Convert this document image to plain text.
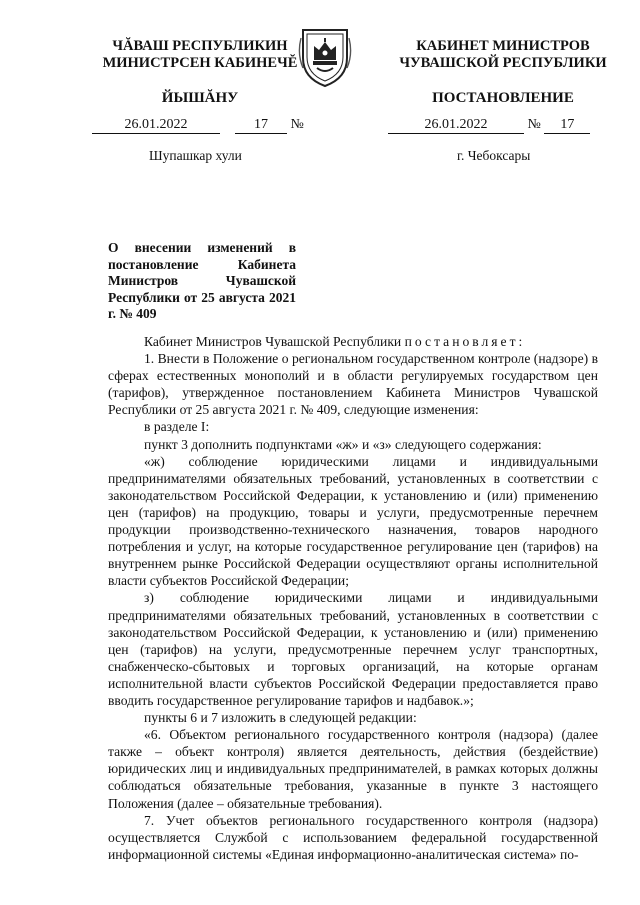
ЧĂВАШ РЕСПУБЛИКИН
МИНИСТРСЕН КАБИНЕЧĔ
ЙЫШĂНУ
КАБИНЕТ МИНИСТРОВ
ЧУВАШСКОЙ РЕСПУБЛИКИ
ПОСТАНОВЛЕНИЕ
26.01.2022	17 №	26.01.2022	№ 17
Шупашкар хули	г. Чебоксары
О внесении изменений в постановление Кабинета Министров Чувашской Республики от 25 августа 2021 г. № 409

Кабинет Министров Чувашской Республики постановляет:

1. Внести в Положение о региональном государственном контроле (надзоре) в сферах естественных монополий и в области регулируемых государством цен (тарифов), утвержденное постановлением Кабинета Министров Чувашской Республики от 25 августа 2021 г. № 409, следующие изменения:

в разделе I:

пункт 3 дополнить подпунктами «ж» и «з» следующего содержания:

«ж) соблюдение юридическими лицами и индивидуальными предпринимателями обязательных требований, установленных в соответствии с законодательством Российской Федерации, к установлению и (или) применению цен (тарифов) на продукцию, товары и услуги, предусмотренные перечнем продукции производственно-технического назначения, товаров народного потребления и услуг, на которые государственное регулирование цен (тарифов) на внутреннем рынке Российской Федерации осуществляют органы исполнительной власти субъектов Российской Федерации;

з) соблюдение юридическими лицами и индивидуальными предпринимателями обязательных требований, установленных в соответствии с законодательством Российской Федерации, к установлению и (или) применению цен (тарифов) на услуги, предусмотренные перечнем услуг транспортных, снабженческо-сбытовых и торговых организаций, на которые органам исполнительной власти субъектов Российской Федерации предоставляется право вводить государственное регулирование тарифов и надбавок.»;

пункты 6 и 7 изложить в следующей редакции:

«6. Объектом регионального государственного контроля (надзора) (далее также – объект контроля) является деятельность, действия (бездействие) юридических лиц и индивидуальных предпринимателей, в рамках которых должны соблюдаться обязательные требования, указанные в пункте 3 настоящего Положения (далее – обязательные требования).

7. Учет объектов регионального государственного контроля (надзора) осуществляется Службой с использованием федеральной государственной информационной системы «Единая информационно-аналитическая система» по-
